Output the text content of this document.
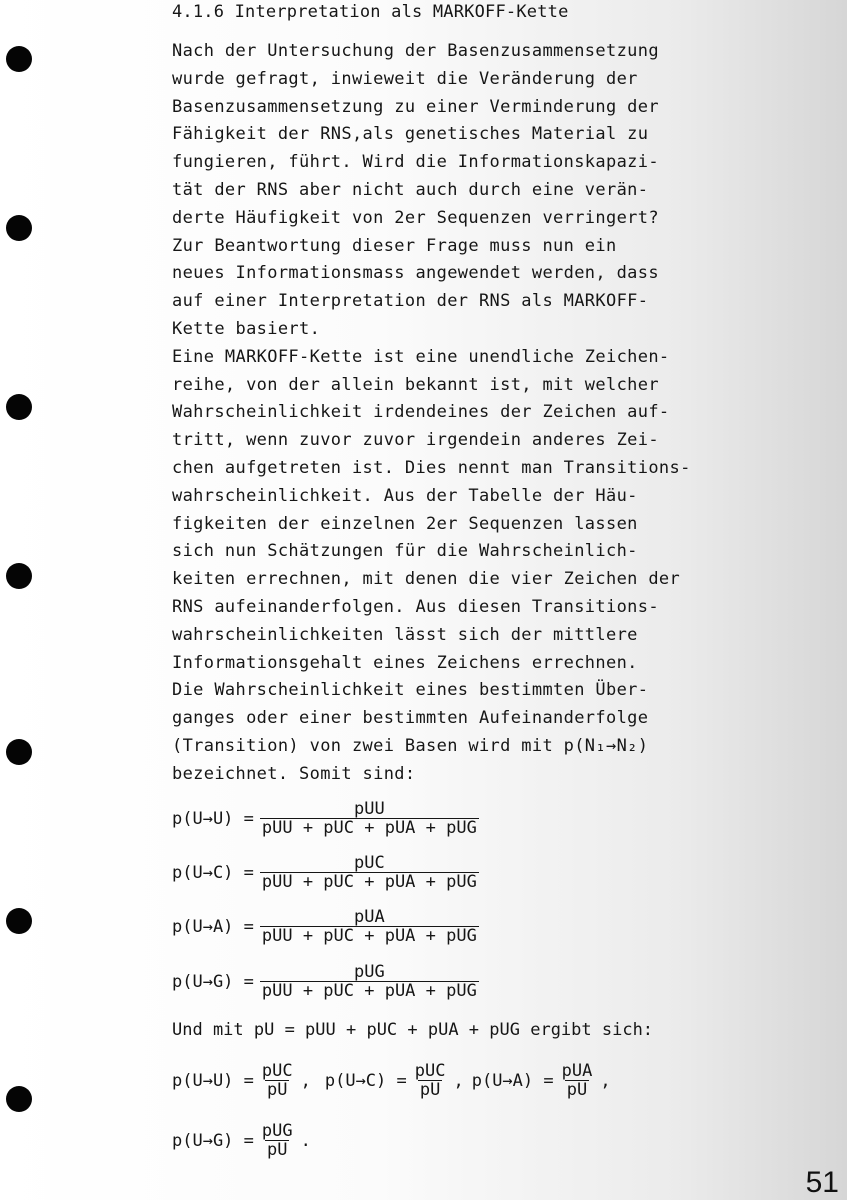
4.1.6 Interpretation als MARKOFF-Kette
Nach der Untersuchung der Basenzusammensetzung
wurde gefragt, inwieweit die Veränderung der
Basenzusammensetzung zu einer Verminderung der
Fähigkeit der RNS,als genetisches Material zu
fungieren, führt. Wird die Informationskapazi-
tät der RNS aber nicht auch durch eine verän-
derte Häufigkeit von 2er Sequenzen verringert?
Zur Beantwortung dieser Frage muss nun ein
neues Informationsmass angewendet werden, dass
auf einer Interpretation der RNS als MARKOFF-
Kette basiert.
Eine MARKOFF-Kette ist eine unendliche Zeichen-
reihe, von der allein bekannt ist, mit welcher
Wahrscheinlichkeit irdendeines der Zeichen auf-
tritt, wenn zuvor zuvor irgendein anderes Zei-
chen aufgetreten ist. Dies nennt man Transitions-
wahrscheinlichkeit. Aus der Tabelle der Häu-
figkeiten der einzelnen 2er Sequenzen lassen
sich nun Schätzungen für die Wahrscheinlich-
keiten errechnen, mit denen die vier Zeichen der
RNS aufeinanderfolgen. Aus diesen Transitions-
wahrscheinlichkeiten lässt sich der mittlere
Informationsgehalt eines Zeichens errechnen.
Die Wahrscheinlichkeit eines bestimmten Über-
ganges oder einer bestimmten Aufeinanderfolge
(Transition) von zwei Basen wird mit p(N₁→N₂)
bezeichnet. Somit sind:
$p(U\to U) = \frac{\text{pUU}}{\text{pUU + pUC + pUA + pUG}}$
$p(U\to C) = \frac{\text{pUC}}{\text{pUU + pUC + pUA + pUG}}$
$p(U\to A) = \frac{\text{pUA}}{\text{pUU + pUC + pUA + pUG}}$
$p(U\to G) = \frac{\text{pUG}}{\text{pUU + pUC + pUA + pUG}}$
Und mit pU = pUU + pUC + pUA + pUG ergibt sich:
$p(U\to U) = \frac{\text{pUC}}{pU}$ , $p(U\to C) = \frac{\text{pUC}}{pU}$ , $p(U\to A) = \frac{\text{pUA}}{pU}$ ,
$p(U\to G) = \frac{\text{pUG}}{pU}$ .
51
